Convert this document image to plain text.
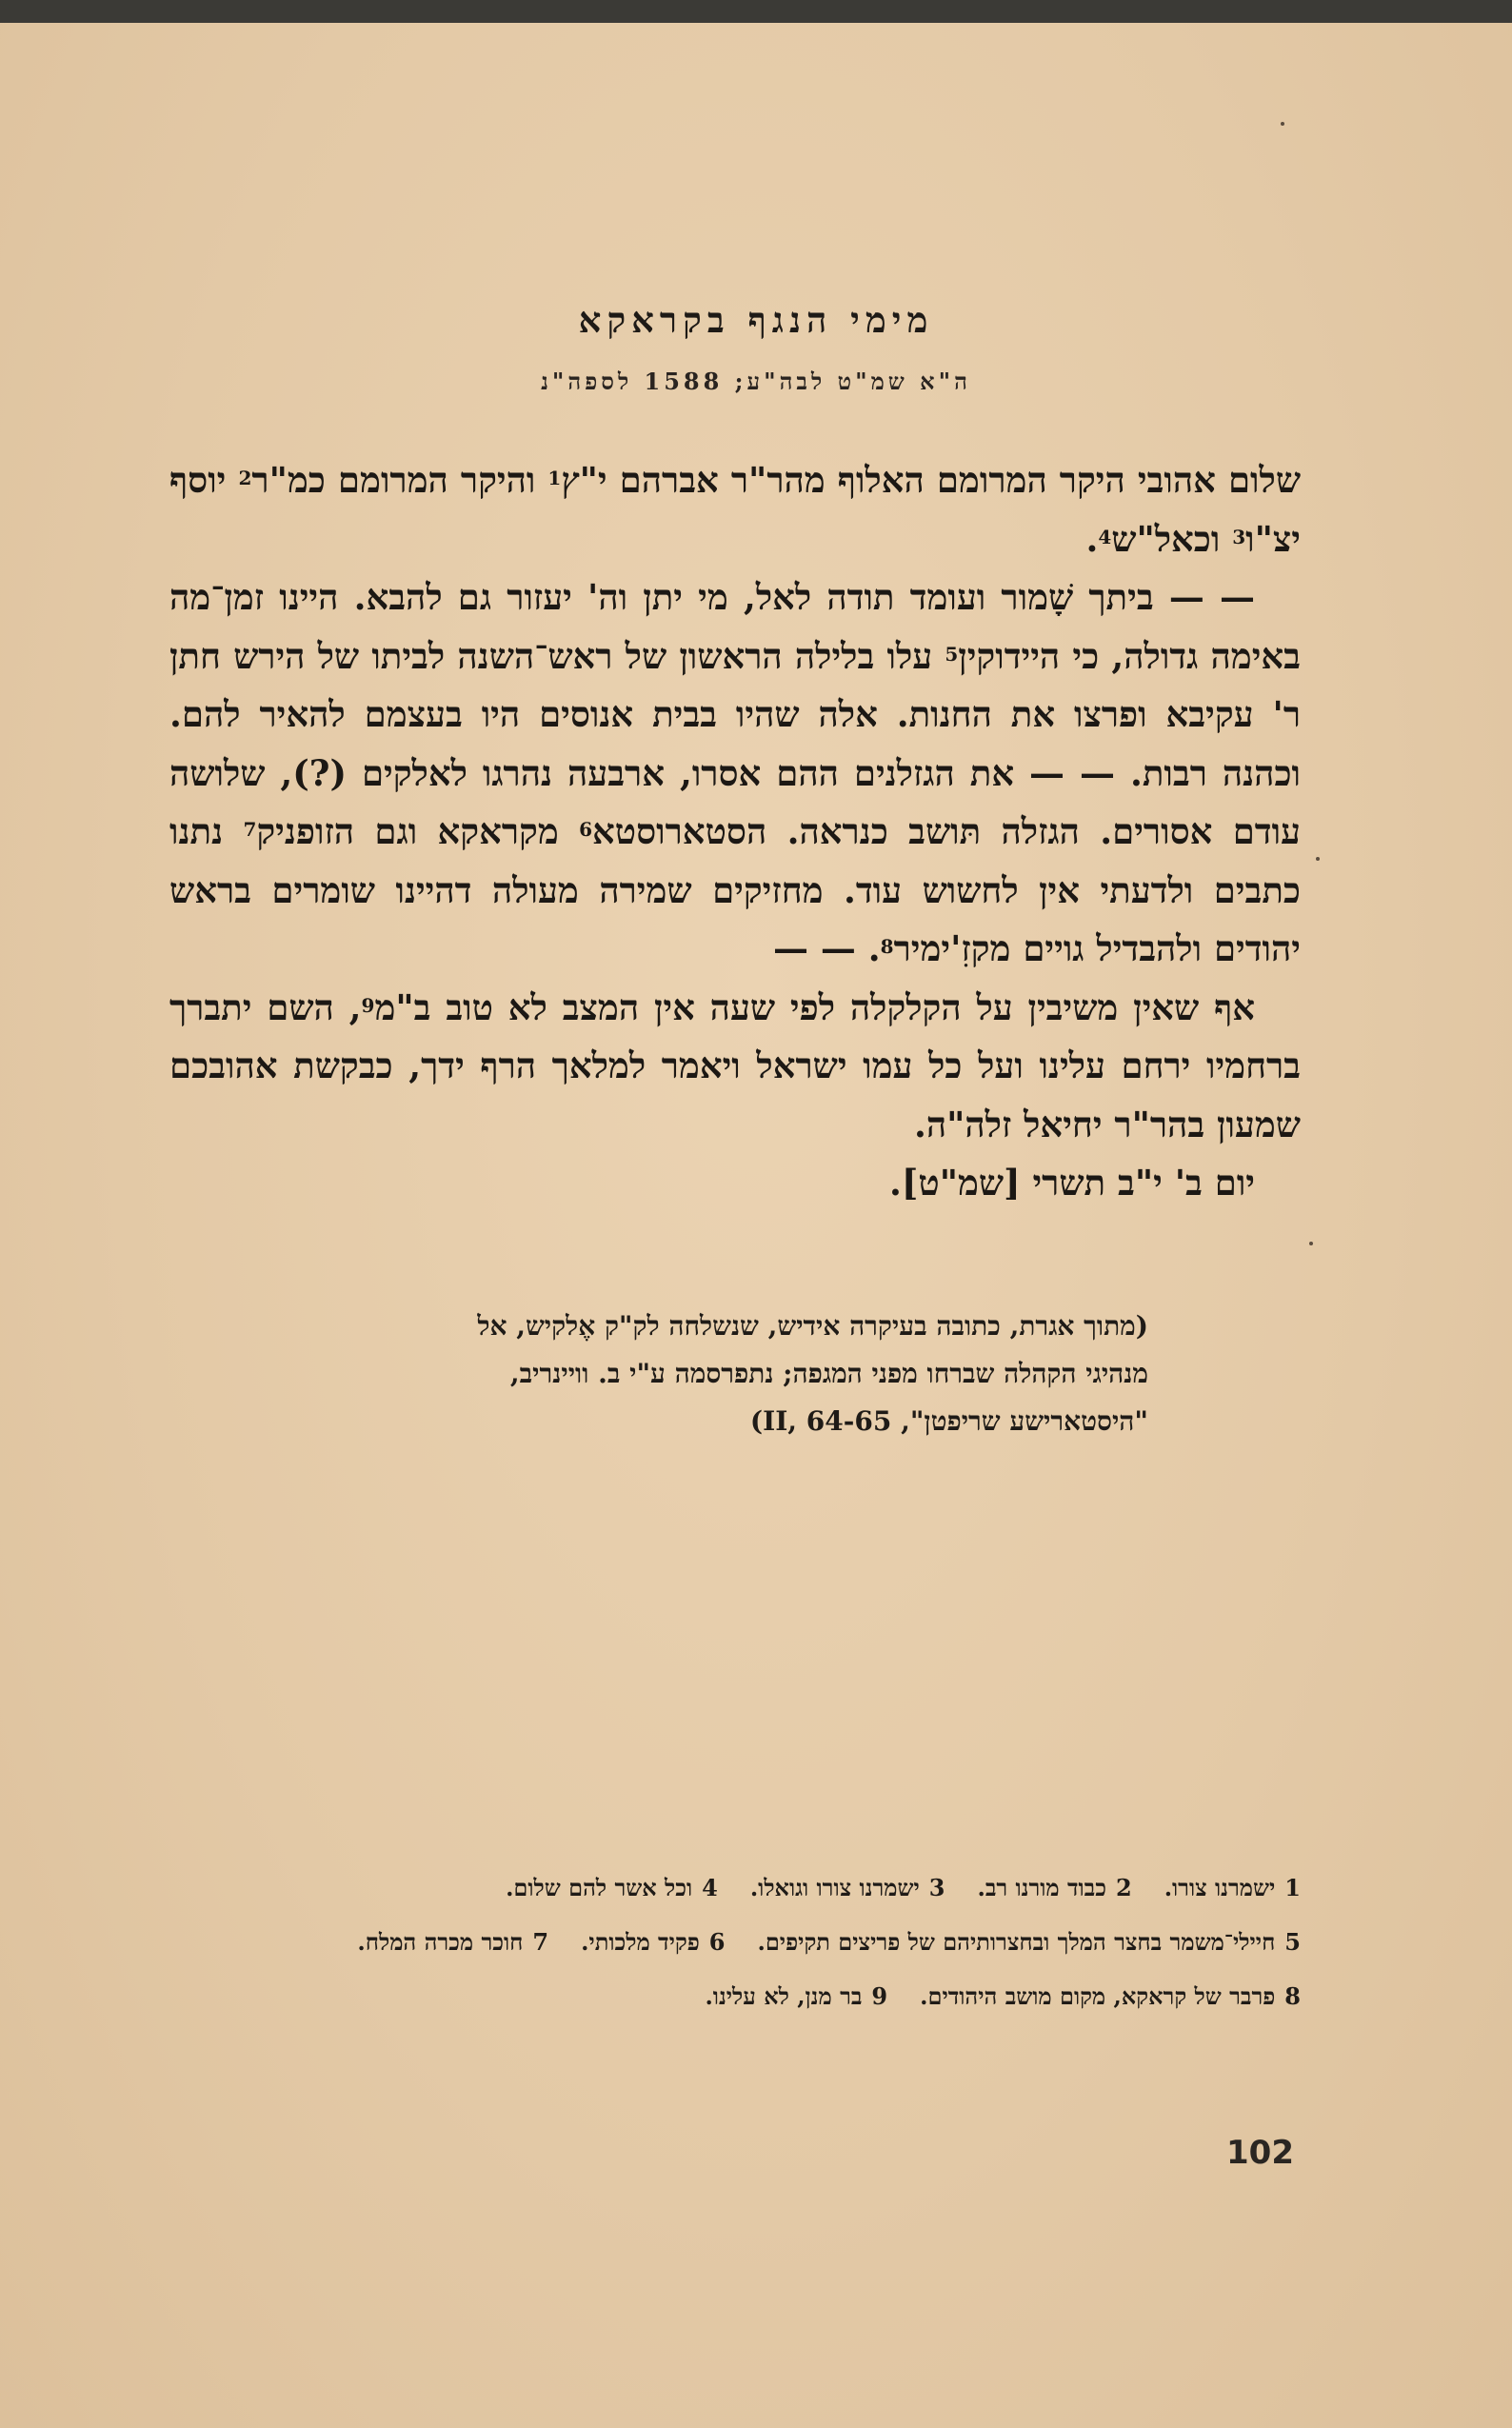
מימי הנגף בקראקא
ה"א שמ"ט לבה"ע; 1588 לספה"נ

שלום אהובי היקר המרומם האלוף מהר"ר אברהם י"ץ$^1$ והיקר המרומם כמ"ר$^2$ יוסף יצ"ו$^3$ וכאל"ש$^4$.

— — ביתך שָׁמור ועומד תודה לאל, מי יתן וה' יעזור גם להבא. היינו זמן־מה באימה גדולה, כי היידוקין$^5$ עלו בלילה הראשון של ראש־השנה לביתו של הירש חתן ר' עקיבא ופרצו את החנות. אלה שהיו בבית אנוסים היו בעצמם להאיר להם. וכהנה רבות. — — את הגזלנים ההם אסרו, ארבעה נהרגו לאלקים (?), שלושה עודם אסורים. הגזלה תּושב כנראה. הסטארוסטא$^6$ מקראקא וגם הזופניק$^7$ נתנו כתבים ולדעתי אין לחשוש עוד. מחזיקים שמירה מעולה דהיינו שומרים בראש יהודים ולהבדיל גויים מקזִ'ימיר$^8$. — —

אף שאין משיבין על הקלקלה לפי שעה אין המצב לא טוב ב"מ$^9$, השם יתברך ברחמיו ירחם עלינו ועל כל עמו ישראל ויאמר למלאך הרף ידך, כבקשת אהובכם שמעון בהר"ר יחיאל זלה"ה.

יום ב' י"ב תשרי [שמ"ט].

(מתוך אגרת, כתובה בעיקרה אידיש, שנשלחה לק"ק אֶלקיש, אל מנהיגי הקהלה שברחו מפני המגפה; נתפרסמה ע"י ב. וויינריב, "היסטארישע שריפטן", II, 64-65)
1ישמרנו צורו.
2כבוד מורנו רב.
3ישמרנו צורו וגואלו.
4וכל אשר להם שלום.
5חיילי־משמר בחצר המלך ובחצרותיהם של פריצים תקיפים.
6פקיד מלכותי.
7חוכר מכרה המלח.
8פרבר של קראקא, מקום מושב היהודים.
9בר מנן, לא עלינו.
102
